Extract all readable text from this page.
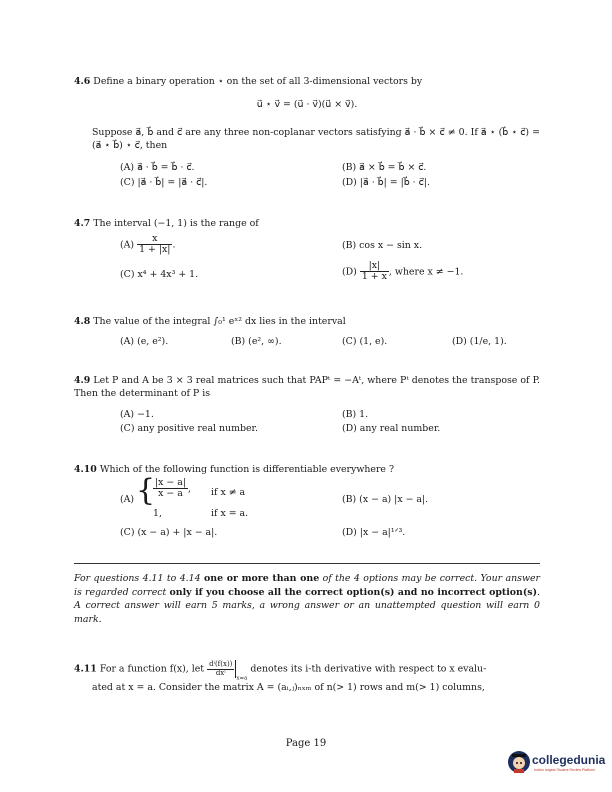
4.6 Define a binary operation ⋆ on the set of all 3-dimensional vectors by
u⃗ ⋆ v⃗ = (u⃗ · v⃗)(u⃗ × v⃗).
Suppose a⃗, b⃗ and c⃗ are any three non-coplanar vectors satisfying a⃗ · b⃗ × c⃗ ≠ 0. If a⃗ ⋆ (b⃗ ⋆ c⃗) = (a⃗ ⋆ b⃗) ⋆ c⃗, then
(A) a⃗ · b⃗ = b⃗ · c⃗.	(B) a⃗ × b⃗ = b⃗ × c⃗.
(C) |a⃗ · b⃗| = |a⃗ · c⃗|.	(D) |a⃗ · b⃗| = |b⃗ · c⃗|.
4.7 The interval (−1, 1) is the range of
$(A) \frac{x}{1 + |x|}$ .	(B) cos x − sin x.
(C) x⁴ + 4x³ + 1.	$(D) \frac{|x|}{1 + x}$ , where x ≠ −1.
4.8 The value of the integral ∫₀¹ eˣ² dx lies in the interval
(A) (e, e²).	(B) (e², ∞).	(C) (1, e).	(D) (1/e, 1).
4.9 Let P and A be 3 × 3 real matrices such that PAPᵗ = −Aᵗ, where Pᵗ denotes the transpose of P. Then the determinant of P is
(A) −1.	(B) 1.
(C) any positive real number.	(D) any real number.
4.10 Which of the following function is differentiable everywhere ?
(A) {
$\frac{|x - a|}{x - a}$ , if x ≠ a
1,	if x = a.
(B) (x − a) |x − a|.
(C) (x − a) + |x − a|.	(D) |x − a|¹ᐟ³.
For questions 4.11 to 4.14 one or more than one of the 4 options may be correct. Your answer is regarded correct only if you choose all the correct option(s) and no incorrect option(s). A correct answer will earn 5 marks, a wrong answer or an unattempted question will earn 0 mark.
4.11 For a function f(x), let $\frac{\text{dⁱ(f(x))}}{\text{dxⁱ}}$
$_{x=a}$ denotes its i-th derivative with respect to x evalu-
ated at x = a. Consider the matrix A = (aᵢ,ⱼ)ₙₓₘ of n(> 1) rows and m(> 1) columns,
Page 19
collegedunia
India's largest Student Review Platform
